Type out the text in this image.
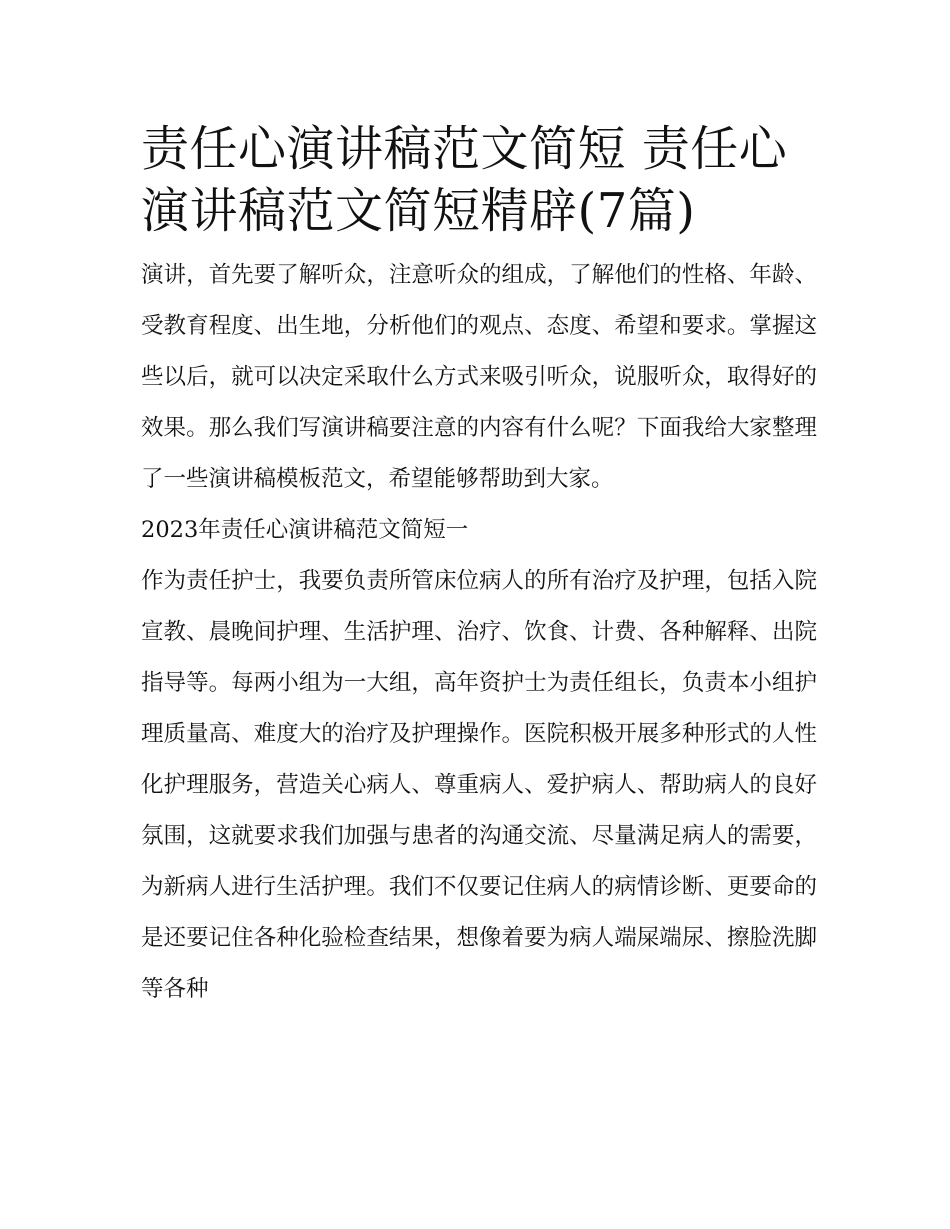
责任心演讲稿范文简短 责任心演讲稿范文简短精辟(7篇)

演讲，首先要了解听众，注意听众的组成，了解他们的性格、年龄、受教育程度、出生地，分析他们的观点、态度、希望和要求。掌握这些以后，就可以决定采取什么方式来吸引听众，说服听众，取得好的效果。那么我们写演讲稿要注意的内容有什么呢？下面我给大家整理了一些演讲稿模板范文，希望能够帮助到大家。

2023年责任心演讲稿范文简短一

作为责任护士，我要负责所管床位病人的所有治疗及护理，包括入院宣教、晨晚间护理、生活护理、治疗、饮食、计费、各种解释、出院指导等。每两小组为一大组，高年资护士为责任组长，负责本小组护理质量高、难度大的治疗及护理操作。医院积极开展多种形式的人性化护理服务，营造关心病人、尊重病人、爱护病人、帮助病人的良好氛围，这就要求我们加强与患者的沟通交流、尽量满足病人的需要，为新病人进行生活护理。我们不仅要记住病人的病情诊断、更要命的是还要记住各种化验检查结果，想像着要为病人端屎端尿、擦脸洗脚等各种
